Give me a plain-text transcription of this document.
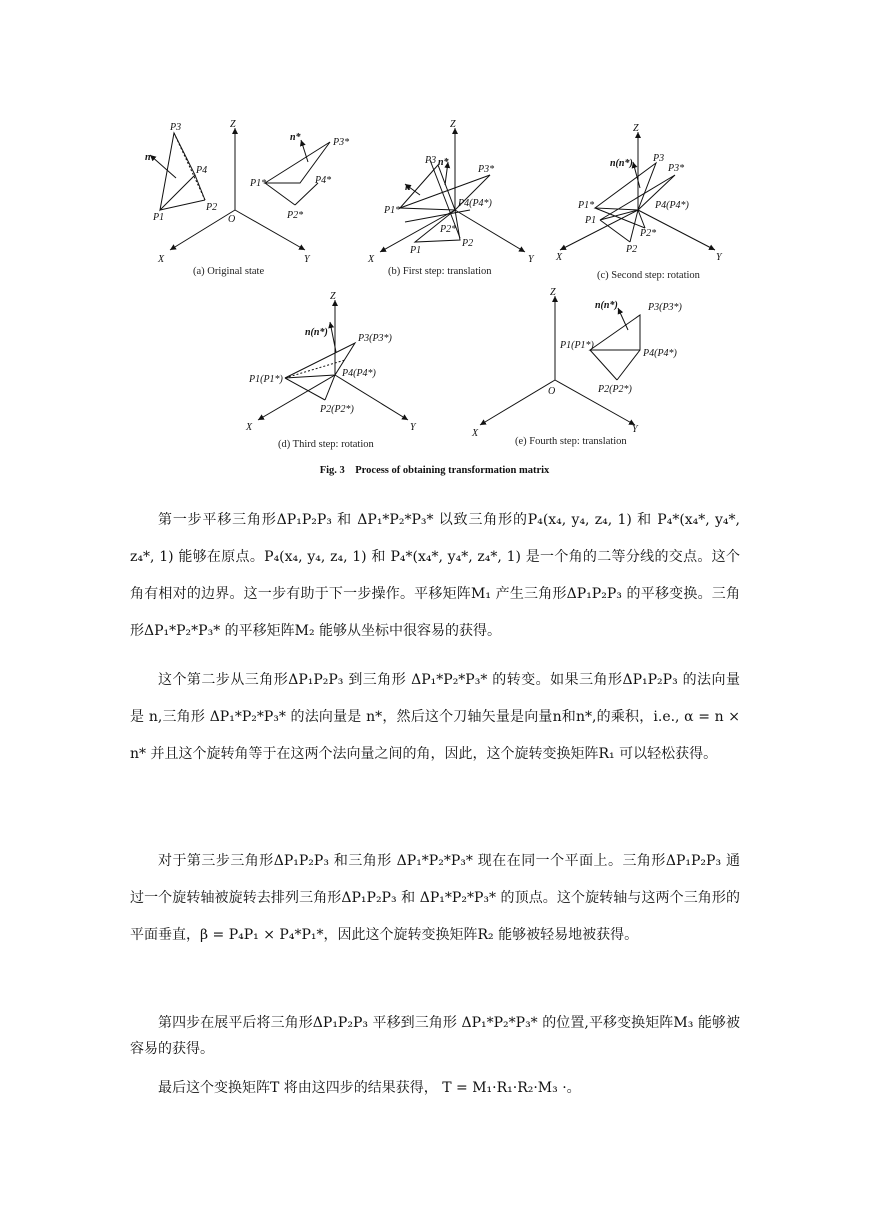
Z
O
X	Y
P3
P4
P1
P2
n
n*	P3*
P1*	P4*
P2*
(a) Original state
Z
X	Y
P3 n*
P3*
n
P1*
P4(P4*)
P2*
P1
P2
(b) First step: translation
Z
X	Y
n(n*) P3
P3*
P1*
P1
P4(P4*)
P2*
P2
(c) Second step: rotation
Z
X	Y
n(n*)
P3(P3*)
P1(P1*)
P4(P4*)
P2(P2*)
(d) Third step: rotation
Z
O
X	Y
n(n*)	P3(P3*)
P1(P1*)
P4(P4*)
P2(P2*)
(e) Fourth step: translation
Fig. 3　Process of obtaining transformation matrix
第一步平移三角形ΔP₁P₂P₃ 和 ΔP₁*P₂*P₃* 以致三角形的P₄(x₄, y₄, z₄, 1) 和 P₄*(x₄*, y₄*, z₄*, 1) 能够在原点。P₄(x₄, y₄, z₄, 1) 和 P₄*(x₄*, y₄*, z₄*, 1) 是一个角的二等分线的交点。这个角有相对的边界。这一步有助于下一步操作。平移矩阵M₁ 产生三角形ΔP₁P₂P₃ 的平移变换。三角形ΔP₁*P₂*P₃* 的平移矩阵M₂ 能够从坐标中很容易的获得。
这个第二步从三角形ΔP₁P₂P₃ 到三角形 ΔP₁*P₂*P₃* 的转变。如果三角形ΔP₁P₂P₃ 的法向量是 n,三角形 ΔP₁*P₂*P₃* 的法向量是 n*，然后这个刀轴矢量是向量n和n*,的乘积，i.e., α = n × n* 并且这个旋转角等于在这两个法向量之间的角，因此，这个旋转变换矩阵R₁ 可以轻松获得。
对于第三步三角形ΔP₁P₂P₃ 和三角形 ΔP₁*P₂*P₃* 现在在同一个平面上。三角形ΔP₁P₂P₃ 通过一个旋转轴被旋转去排列三角形ΔP₁P₂P₃ 和 ΔP₁*P₂*P₃* 的顶点。这个旋转轴与这两个三角形的平面垂直，β = P₄P₁ × P₄*P₁*，因此这个旋转变换矩阵R₂ 能够被轻易地被获得。
第四步在展平后将三角形ΔP₁P₂P₃ 平移到三角形 ΔP₁*P₂*P₃* 的位置,平移变换矩阵M₃ 能够被容易的获得。
最后这个变换矩阵T 将由这四步的结果获得， T = M₁·R₁·R₂·M₃ ·。
